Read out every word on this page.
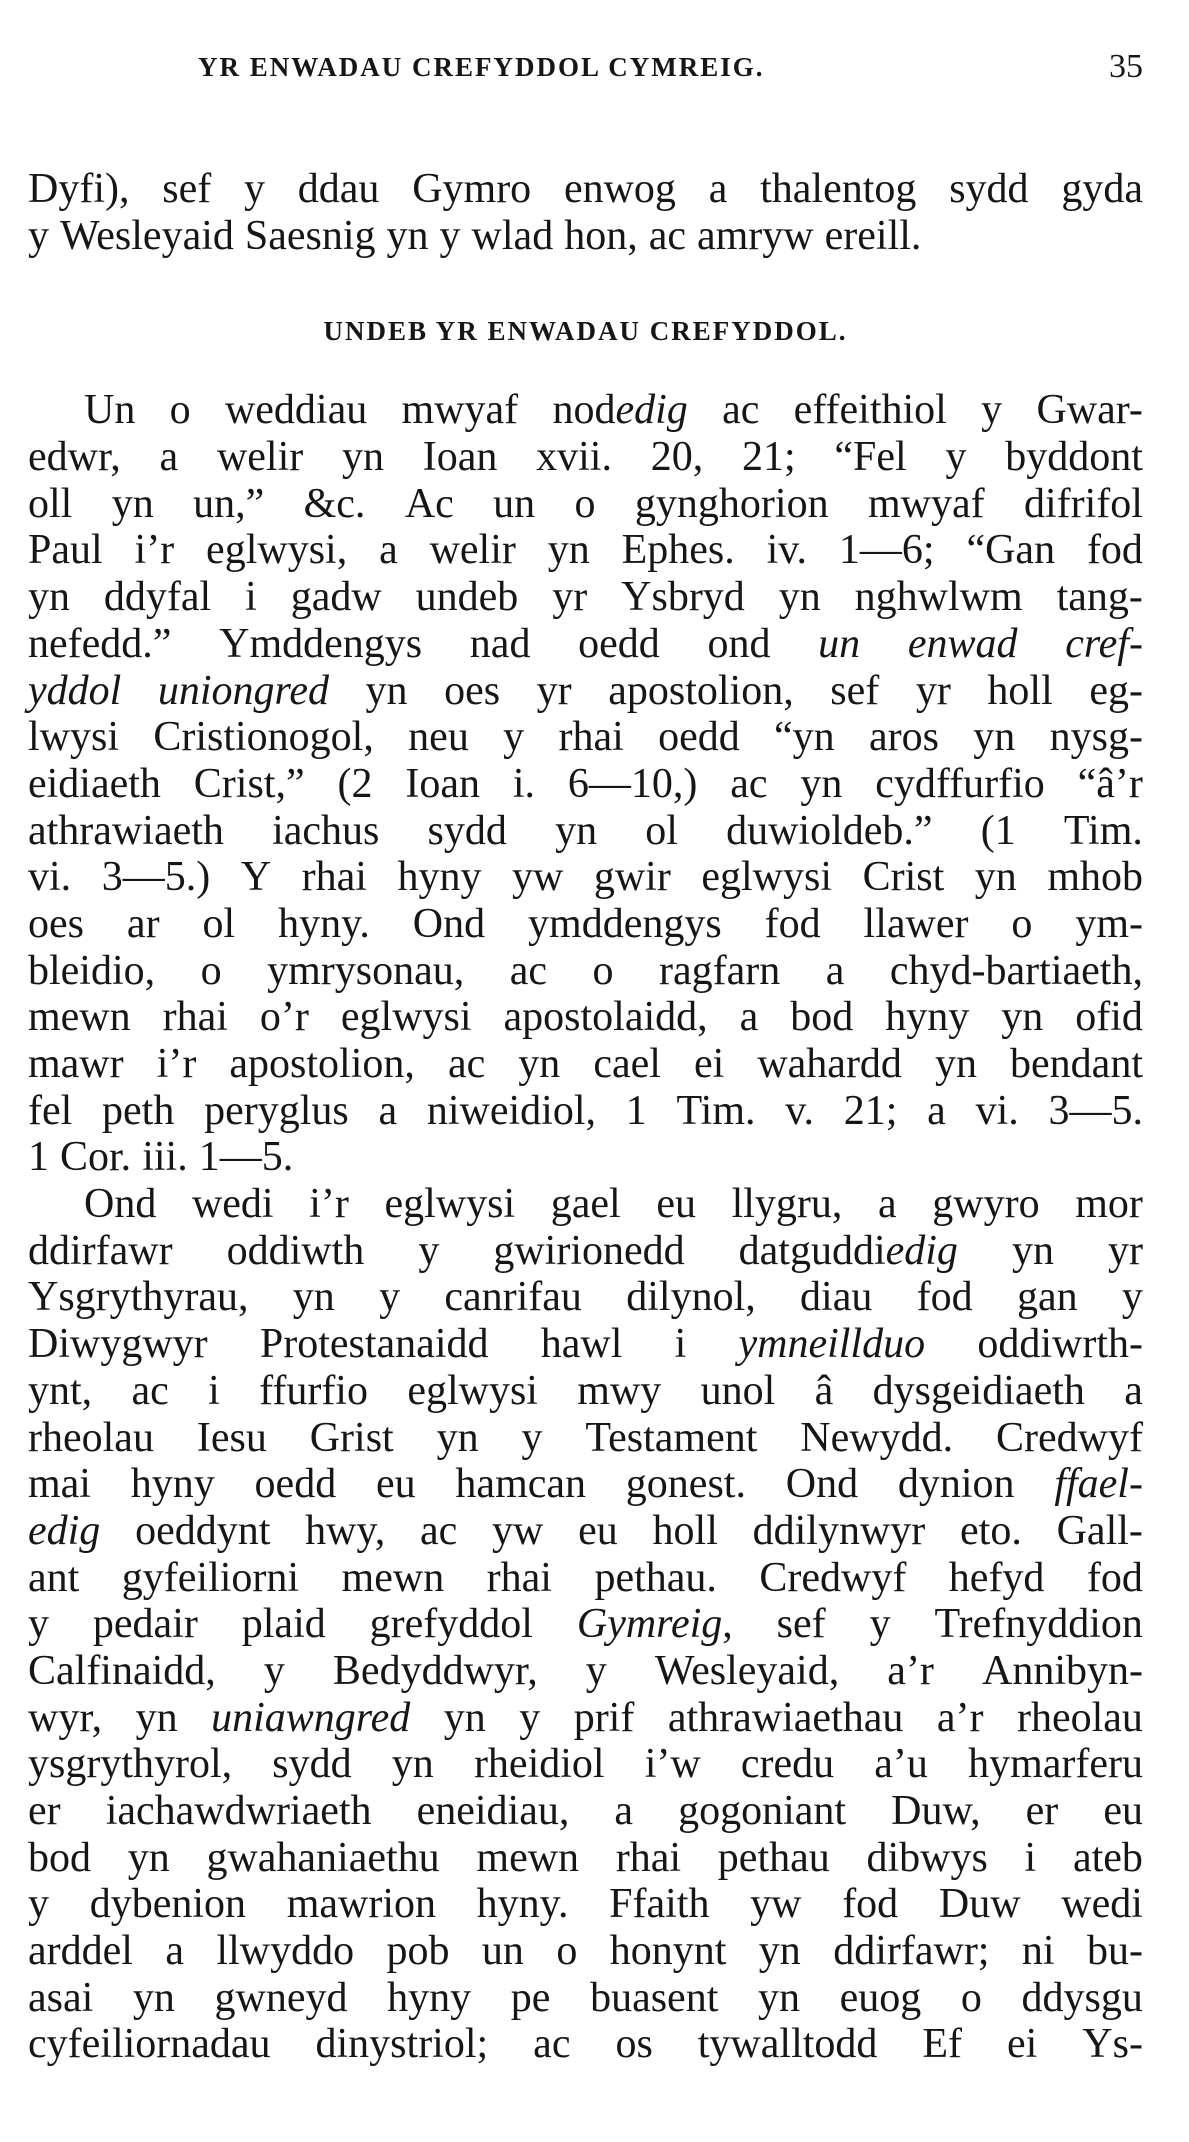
YR ENWADAU CREFYDDOL CYMREIG.	35
Dyfi), sef y ddau Gymro enwog a thalentog sydd gyda
y Wesleyaid Saesnig yn y wlad hon, ac amryw ereill.
UNDEB YR ENWADAU CREFYDDOL.
Un o weddiau mwyaf nodedig ac effeithiol y Gwar-
edwr, a welir yn Ioan xvii. 20, 21; “Fel y byddont
oll yn un,” &c. Ac un o gynghorion mwyaf difrifol
Paul i’r eglwysi, a welir yn Ephes. iv. 1—6; “Gan fod
yn ddyfal i gadw undeb yr Ysbryd yn nghwlwm tang-
nefedd.” Ymddengys nad oedd ond un enwad cref-
yddol uniongred yn oes yr apostolion, sef yr holl eg-
lwysi Cristionogol, neu y rhai oedd “yn aros yn nysg-
eidiaeth Crist,” (2 Ioan i. 6—10,) ac yn cydffurfio “â’r
athrawiaeth iachus sydd yn ol duwioldeb.” (1 Tim.
vi. 3—5.) Y rhai hyny yw gwir eglwysi Crist yn mhob
oes ar ol hyny. Ond ymddengys fod llawer o ym-
bleidio, o ymrysonau, ac o ragfarn a chyd-bartiaeth,
mewn rhai o’r eglwysi apostolaidd, a bod hyny yn ofid
mawr i’r apostolion, ac yn cael ei wahardd yn bendant
fel peth peryglus a niweidiol, 1 Tim. v. 21; a vi. 3—5.
1 Cor. iii. 1—5.
Ond wedi i’r eglwysi gael eu llygru, a gwyro mor
ddirfawr oddiwth y gwirionedd datguddiedig yn yr
Ysgrythyrau, yn y canrifau dilynol, diau fod gan y
Diwygwyr Protestanaidd hawl i ymneillduo oddiwrth-
ynt, ac i ffurfio eglwysi mwy unol â dysgeidiaeth a
rheolau Iesu Grist yn y Testament Newydd. Credwyf
mai hyny oedd eu hamcan gonest. Ond dynion ffael-
edig oeddynt hwy, ac yw eu holl ddilynwyr eto. Gall-
ant gyfeiliorni mewn rhai pethau. Credwyf hefyd fod
y pedair plaid grefyddol Gymreig, sef y Trefnyddion
Calfinaidd, y Bedyddwyr, y Wesleyaid, a’r Annibyn-
wyr, yn uniawngred yn y prif athrawiaethau a’r rheolau
ysgrythyrol, sydd yn rheidiol i’w credu a’u hymarferu
er iachawdwriaeth eneidiau, a gogoniant Duw, er eu
bod yn gwahaniaethu mewn rhai pethau dibwys i ateb
y dybenion mawrion hyny. Ffaith yw fod Duw wedi
arddel a llwyddo pob un o honynt yn ddirfawr; ni bu-
asai yn gwneyd hyny pe buasent yn euog o ddysgu
cyfeiliornadau dinystriol; ac os tywalltodd Ef ei Ys-
